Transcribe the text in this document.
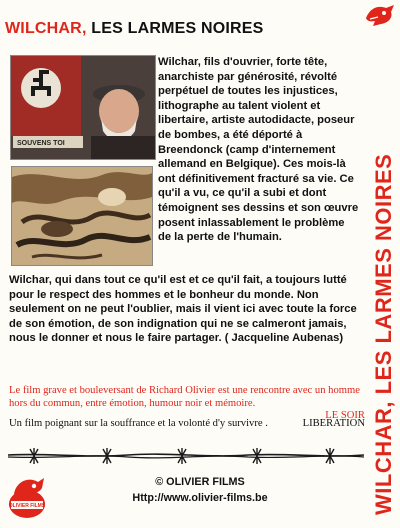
WILCHAR, LES LARMES NOIRES
WILCHAR, LES LARMES NOIRES
SOUVENS TOI
Wilchar, fils d'ouvrier, forte tête, anarchiste par générosité, révolté perpétuel de toutes les injustices, lithographe au talent violent et libertaire, artiste autodidacte, poseur de bombes, a été déporté à Breendonck (camp d'internement allemand en Belgique). Ces mois-là ont définitivement fracturé sa vie. Ce qu'il a vu, ce qu'il a subi et dont témoignent ses dessins et son œuvre posent inlassablement le problème de la perte de l'humain.
Wilchar, qui dans tout ce qu'il est et ce qu'il fait, a toujours lutté pour le respect des hommes et le bonheur du monde. Non seulement on ne peut l'oublier, mais il vient ici avec toute la force de son émotion, de son indignation qui ne se calmeront jamais, nous le donner et nous le faire partager. ( Jacqueline Aubenas)
Le film grave et bouleversant de Richard Olivier est une rencontre avec un homme hors du commun, entre émotion, humour noir et mémoire.
LE SOIR
Un film poignant sur la souffrance et la volonté d'y survivre .	LIBERATION
OLIVIER FILMS
© OLIVIER FILMS
Http://www.olivier-films.be
